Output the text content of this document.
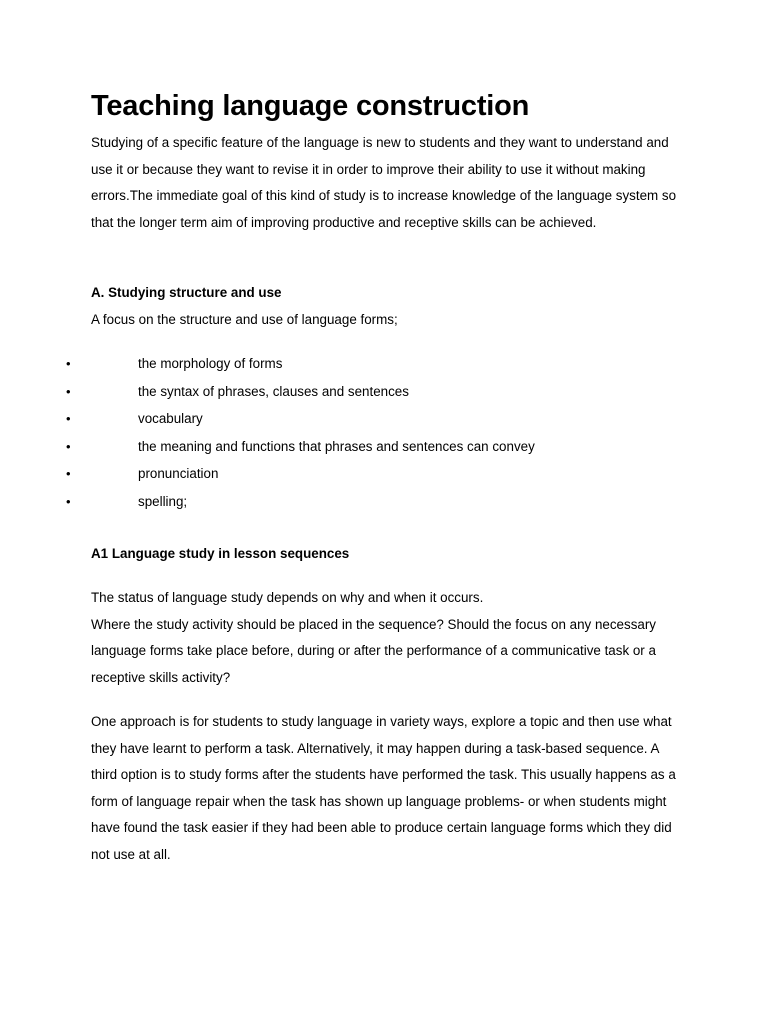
Teaching language construction

Studying of a specific feature of the language is new to students and they want to understand and use it or because they want to revise it in order to improve their ability to use it without making errors.The immediate goal of this kind of study is to increase knowledge of the language system so that the longer term aim of improving productive and receptive skills can be achieved.

A. Studying structure and use
A focus on the structure and use of language forms;
•	the morphology of forms
•	the syntax of phrases, clauses and sentences
•	vocabulary
•	the meaning and functions that phrases and sentences can convey
•	pronunciation
•	spelling;
A1 Language study in lesson sequences
The status of language study depends on why and when it occurs.
Where the study activity should be placed in the sequence? Should the focus on any necessary language forms take place before, during or after the performance of a communicative task or a receptive skills activity?

One approach is for students to study language in variety ways, explore a topic and then use what they have learnt to perform a task. Alternatively, it may happen during a task-based sequence. A third option is to study forms after the students have performed the task. This usually happens as a form of language repair when the task has shown up language problems- or when students might have found the task easier if they had been able to produce certain language forms which they did not use at all.
